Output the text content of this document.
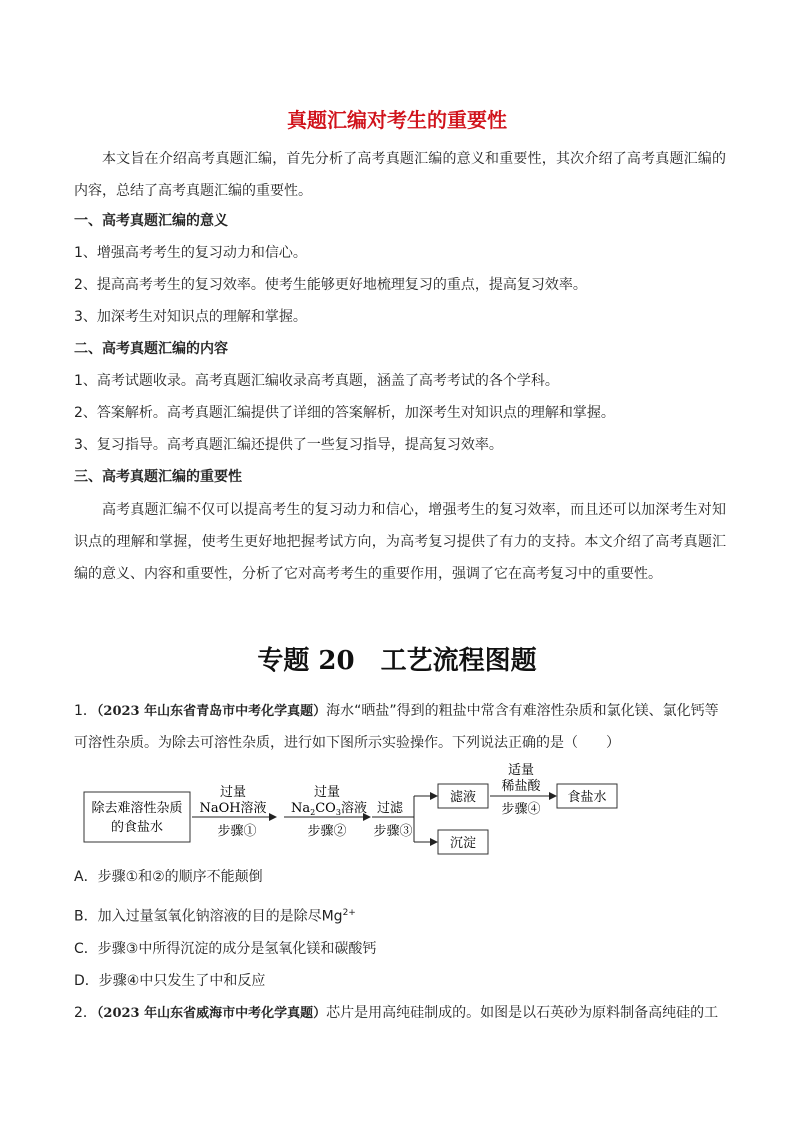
真题汇编对考生的重要性
本文旨在介绍高考真题汇编，首先分析了高考真题汇编的意义和重要性，其次介绍了高考真题汇编的内容，总结了高考真题汇编的重要性。
一、高考真题汇编的意义
1、增强高考考生的复习动力和信心。
2、提高高考考生的复习效率。使考生能够更好地梳理复习的重点，提高复习效率。
3、加深考生对知识点的理解和掌握。
二、高考真题汇编的内容
1、高考试题收录。高考真题汇编收录高考真题，涵盖了高考考试的各个学科。
2、答案解析。高考真题汇编提供了详细的答案解析，加深考生对知识点的理解和掌握。
3、复习指导。高考真题汇编还提供了一些复习指导，提高复习效率。
三、高考真题汇编的重要性
高考真题汇编不仅可以提高考生的复习动力和信心，增强考生的复习效率，而且还可以加深考生对知识点的理解和掌握，使考生更好地把握考试方向，为高考复习提供了有力的支持。本文介绍了高考真题汇编的意义、内容和重要性，分析了它对高考考生的重要作用，强调了它在高考复习中的重要性。
专题 20　工艺流程图题
1．（2023 年山东省青岛市中考化学真题）海水“晒盐”得到的粗盐中常含有难溶性杂质和氯化镁、氯化钙等
可溶性杂质。为除去可溶性杂质，进行如下图所示实验操作。下列说法正确的是（　　）
除去难溶性杂质
的食盐水
过量
NaOH溶液
步骤①
过量
$Na_2CO_3$溶液
步骤②
过滤
步骤③
滤液
沉淀
适量
稀盐酸
步骤④
食盐水
A．步骤①和②的顺序不能颠倒
B．加入过量氢氧化钠溶液的目的是除尽$Mg^{2+}$
C．步骤③中所得沉淀的成分是氢氧化镁和碳酸钙
D．步骤④中只发生了中和反应
2．（2023 年山东省威海市中考化学真题）芯片是用高纯硅制成的。如图是以石英砂为原料制备高纯硅的工
